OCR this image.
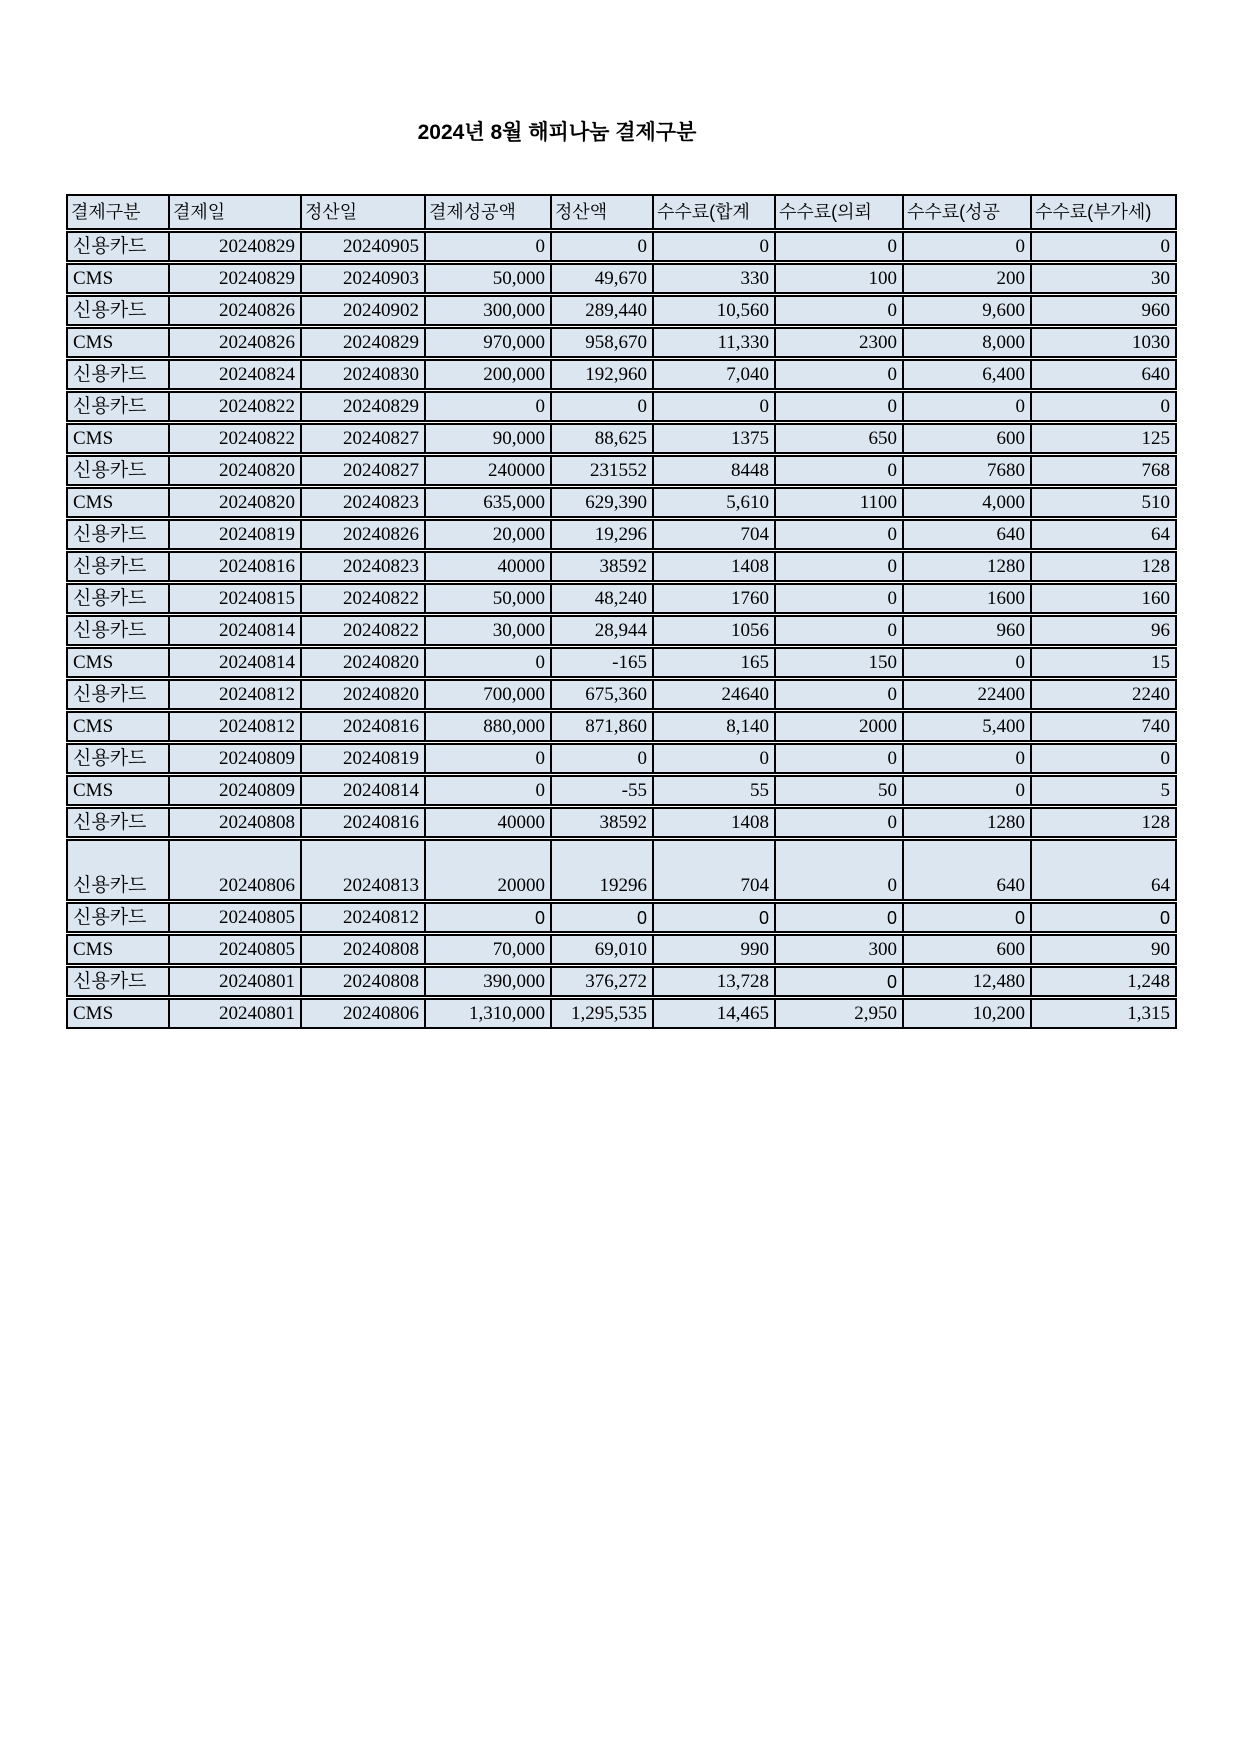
2024년 8월 해피나눔 결제구분
결제구분	결제일	정산일	결제성공액	정산액	수수료(합계	수수료(의뢰	수수료(성공	수수료(부가세)
신용카드	20240829	20240905	0	0	0	0	0	0
CMS	20240829	20240903	50,000	49,670	330	100	200	30
신용카드	20240826	20240902	300,000	289,440	10,560	0	9,600	960
CMS	20240826	20240829	970,000	958,670	11,330	2300	8,000	1030
신용카드	20240824	20240830	200,000	192,960	7,040	0	6,400	640
신용카드	20240822	20240829	0	0	0	0	0	0
CMS	20240822	20240827	90,000	88,625	1375	650	600	125
신용카드	20240820	20240827	240000	231552	8448	0	7680	768
CMS	20240820	20240823	635,000	629,390	5,610	1100	4,000	510
신용카드	20240819	20240826	20,000	19,296	704	0	640	64
신용카드	20240816	20240823	40000	38592	1408	0	1280	128
신용카드	20240815	20240822	50,000	48,240	1760	0	1600	160
신용카드	20240814	20240822	30,000	28,944	1056	0	960	96
CMS	20240814	20240820	0	-165	165	150	0	15
신용카드	20240812	20240820	700,000	675,360	24640	0	22400	2240
CMS	20240812	20240816	880,000	871,860	8,140	2000	5,400	740
신용카드	20240809	20240819	0	0	0	0	0	0
CMS	20240809	20240814	0	-55	55	50	0	5
신용카드	20240808	20240816	40000	38592	1408	0	1280	128
신용카드	20240806	20240813	20000	19296	704	0	640	64
신용카드	20240805	20240812	0	0	0	0	0	0
CMS	20240805	20240808	70,000	69,010	990	300	600	90
신용카드	20240801	20240808	390,000	376,272	13,728	0	12,480	1,248
CMS	20240801	20240806	1,310,000	1,295,535	14,465	2,950	10,200	1,315
